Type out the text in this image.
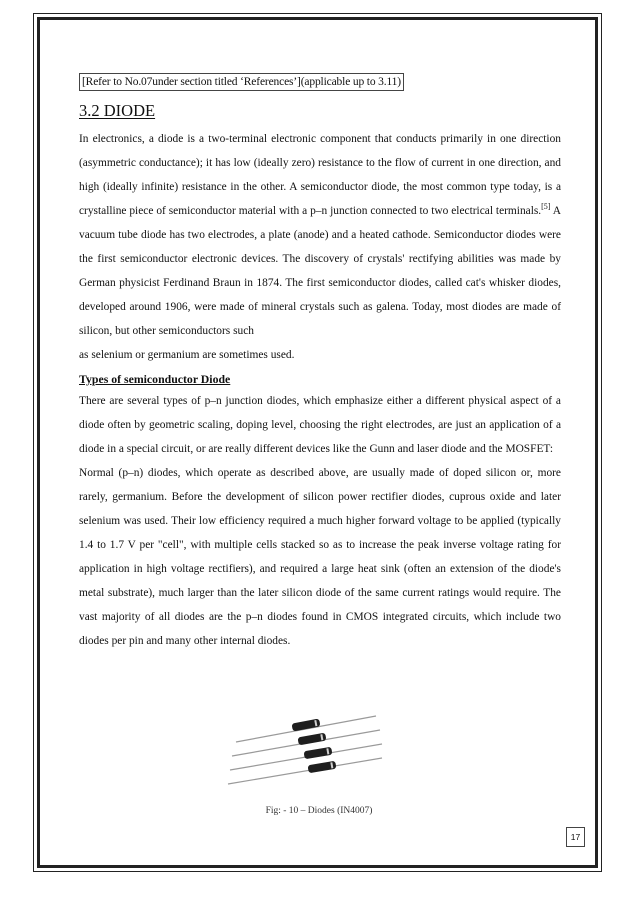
[Refer to No.07under section titled ‘References’](applicable up to 3.11)
3.2 DIODE

In electronics, a diode is a two-terminal electronic component that conducts primarily in one direction (asymmetric conductance); it has low (ideally zero) resistance to the flow of current in one direction, and high (ideally infinite) resistance in the other. A semiconductor diode, the most common type today, is a crystalline piece of semiconductor material with a p–n junction connected to two electrical terminals.[5] A vacuum tube diode has two electrodes, a plate (anode) and a heated cathode. Semiconductor diodes were the first semiconductor electronic devices. The discovery of crystals' rectifying abilities was made by German physicist Ferdinand Braun in 1874. The first semiconductor diodes, called cat's whisker diodes, developed around 1906, were made of mineral crystals such as galena. Today, most diodes are made of silicon, but other semiconductors such

as selenium or germanium are sometimes used.

Types of semiconductor Diode

There are several types of p–n junction diodes, which emphasize either a different physical aspect of a diode often by geometric scaling, doping level, choosing the right electrodes, are just an application of a diode in a special circuit, or are really different devices like the Gunn and laser diode and the MOSFET:

Normal (p–n) diodes, which operate as described above, are usually made of doped silicon or, more rarely, germanium. Before the development of silicon power rectifier diodes, cuprous oxide and later selenium was used. Their low efficiency required a much higher forward voltage to be applied (typically 1.4 to 1.7 V per "cell", with multiple cells stacked so as to increase the peak inverse voltage rating for application in high voltage rectifiers), and required a large heat sink (often an extension of the diode's metal substrate), much larger than the later silicon diode of the same current ratings would require. The vast majority of all diodes are the p–n diodes found in CMOS integrated circuits, which include two diodes per pin and many other internal diodes.

Fig: - 10 – Diodes (IN4007)
17
